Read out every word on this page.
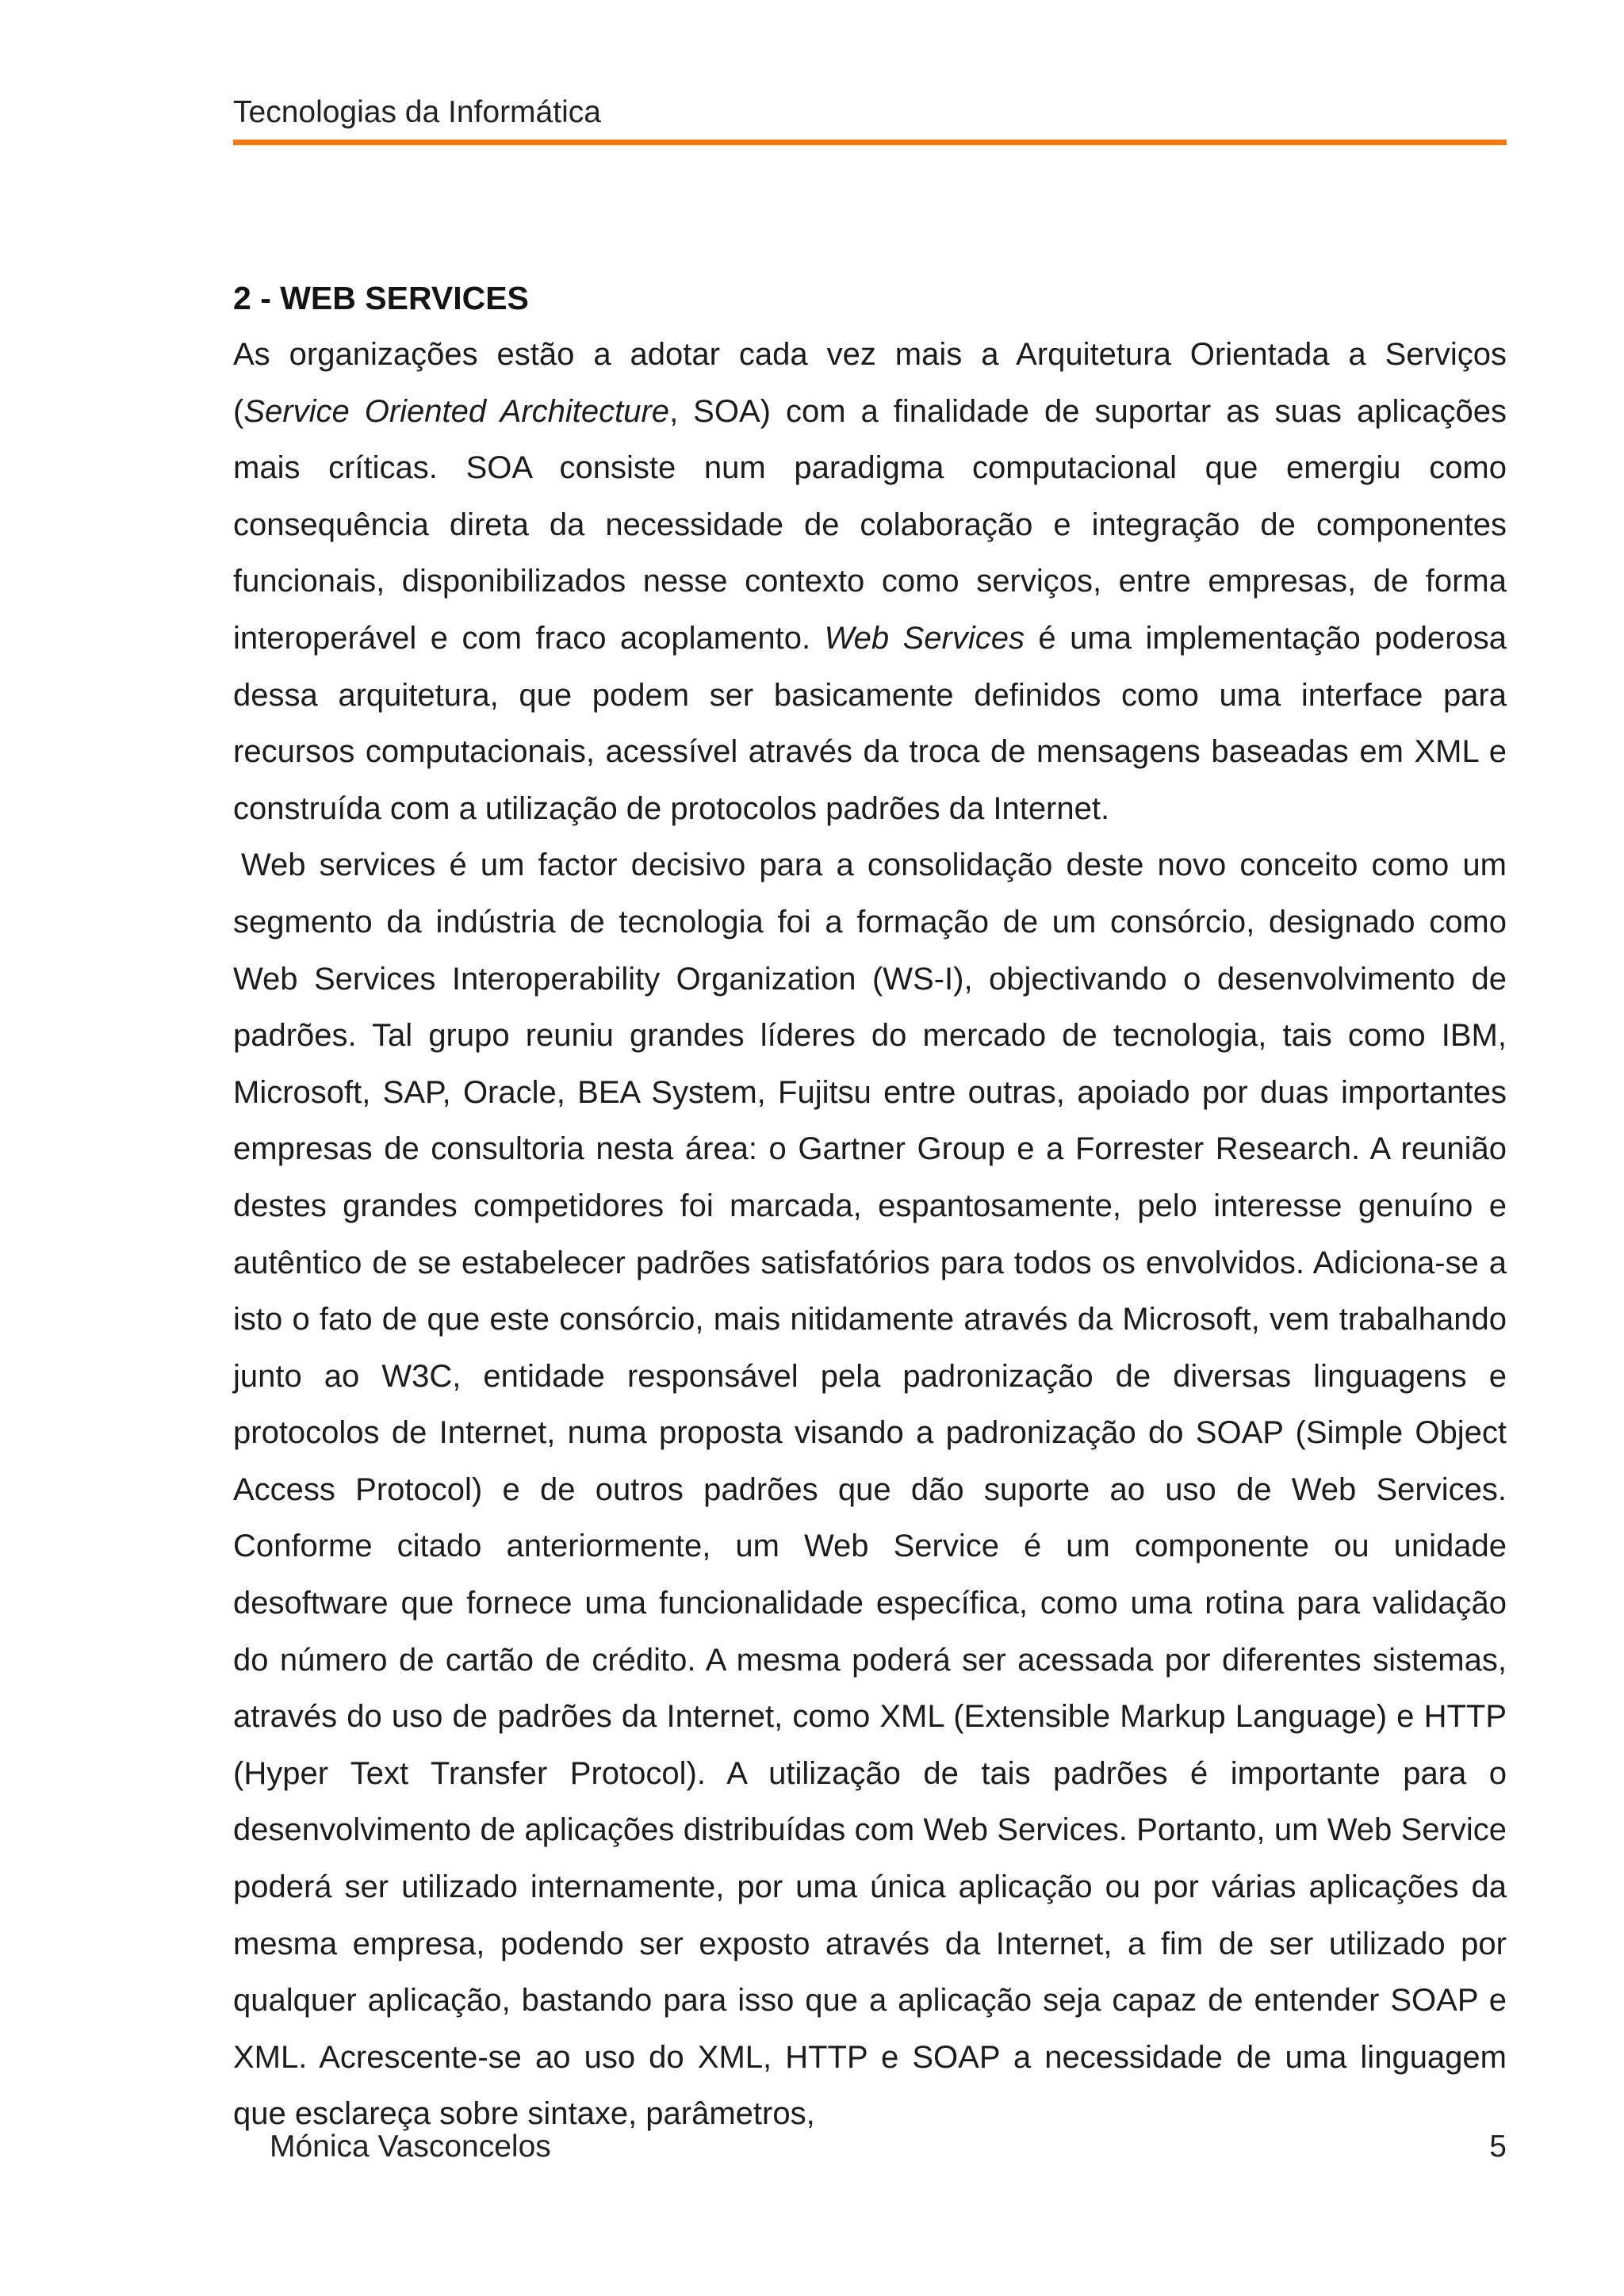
Tecnologias da Informática
2 - WEB SERVICES

As organizações estão a adotar cada vez mais a Arquitetura Orientada a Serviços (Service Oriented Architecture, SOA) com a finalidade de suportar as suas aplicações mais críticas. SOA consiste num paradigma computacional que emergiu como consequência direta da necessidade de colaboração e integração de componentes funcionais, disponibilizados nesse contexto como serviços, entre empresas, de forma interoperável e com fraco acoplamento. Web Services é uma implementação poderosa dessa arquitetura, que podem ser basicamente definidos como uma interface para recursos computacionais, acessível através da troca de mensagens baseadas em XML e construída com a utilização de protocolos padrões da Internet.

Web services é um factor decisivo para a consolidação deste novo conceito como um segmento da indústria de tecnologia foi a formação de um consórcio, designado como Web Services Interoperability Organization (WS-I), objectivando o desenvolvimento de padrões. Tal grupo reuniu grandes líderes do mercado de tecnologia, tais como IBM, Microsoft, SAP, Oracle, BEA System, Fujitsu entre outras, apoiado por duas importantes empresas de consultoria nesta área: o Gartner Group e a Forrester Research. A reunião destes grandes competidores foi marcada, espantosamente, pelo interesse genuíno e autêntico de se estabelecer padrões satisfatórios para todos os envolvidos. Adiciona-se a isto o fato de que este consórcio, mais nitidamente através da Microsoft, vem trabalhando junto ao W3C, entidade responsável pela padronização de diversas linguagens e protocolos de Internet, numa proposta visando a padronização do SOAP (Simple Object Access Protocol) e de outros padrões que dão suporte ao uso de Web Services. Conforme citado anteriormente, um Web Service é um componente ou unidade desoftware que fornece uma funcionalidade específica, como uma rotina para validação do número de cartão de crédito. A mesma poderá ser acessada por diferentes sistemas, através do uso de padrões da Internet, como XML (Extensible Markup Language) e HTTP (Hyper Text Transfer Protocol). A utilização de tais padrões é importante para o desenvolvimento de aplicações distribuídas com Web Services. Portanto, um Web Service poderá ser utilizado internamente, por uma única aplicação ou por várias aplicações da mesma empresa, podendo ser exposto através da Internet, a fim de ser utilizado por qualquer aplicação, bastando para isso que a aplicação seja capaz de entender SOAP e XML. Acrescente-se ao uso do XML, HTTP e SOAP a necessidade de uma linguagem que esclareça sobre sintaxe, parâmetros,

Mónica Vasconcelos	5
